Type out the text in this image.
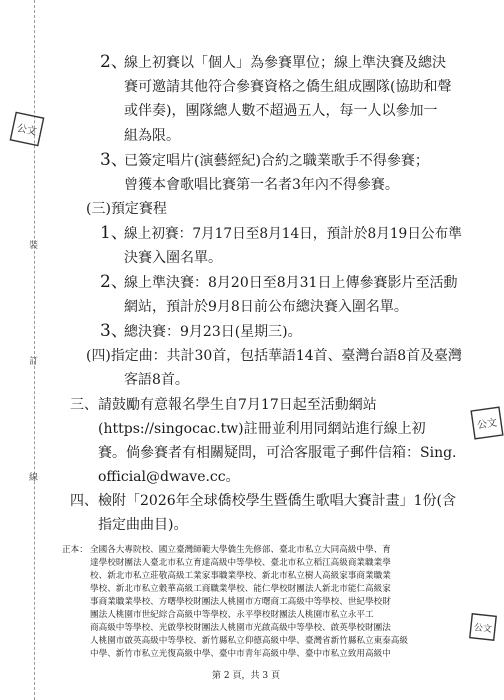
裝
訂
線
公文
公文
公文
2、
線上初賽以「個人」為參賽單位；線上準決賽及總決
賽可邀請其他符合參賽資格之僑生組成團隊(協助和聲
或伴奏)，團隊總人數不超過五人，每一人以參加一
組為限。
3、
已簽定唱片(演藝經紀)合約之職業歌手不得參賽；
曾獲本會歌唱比賽第一名者3年內不得參賽。
(三)預定賽程
1、
線上初賽：7月17日至8月14日，預計於8月19日公布準
決賽入圍名單。
2、
線上準決賽：8月20日至8月31日上傳參賽影片至活動
網站，預計於9月8日前公布總決賽入圍名單。
3、
總決賽：9月23日(星期三)。
(四)指定曲：共計30首，包括華語14首、臺灣台語8首及臺灣
客語8首。
三、請鼓勵有意報名學生自7月17日起至活動網站
(https://singocac.tw)註冊並利用同網站進行線上初
賽。倘參賽者有相關疑問，可洽客服電子郵件信箱：Sing.
official@dwave.cc。
四、檢附「2026年全球僑校學生暨僑生歌唱大賽計畫」1份(含
指定曲曲目)。
正本： 全國各大專院校、國立臺灣師範大學僑生先修部、臺北市私立大同高級中學、育
達學校財團法人臺北市私立育達高級中等學校、臺北市私立稻江高級商業職業學
校、新北市私立莊敬高級工業家事職業學校、新北市私立樹人高級家事商業職業
學校、新北市私立穀華高級工商職業學校、能仁學校財團法人新北市能仁高級家
事商業職業學校、方曙學校財團法人桃園市方曙商工高級中等學校、世紀學校財
團法人桃園市世紀綜合高級中等學校、永平學校財團法人桃園市私立永平工
商高級中等學校、光啟學校財團法人桃園市光啟高級中等學校、啟英學校財團法
人桃園市啟英高級中等學校、新竹縣私立仰德高級中學、臺灣省新竹縣私立東泰高級
中學、新竹市私立光復高級中學、臺中市青年高級中學、臺中市私立致用高級中
第 2 頁，共 3 頁
